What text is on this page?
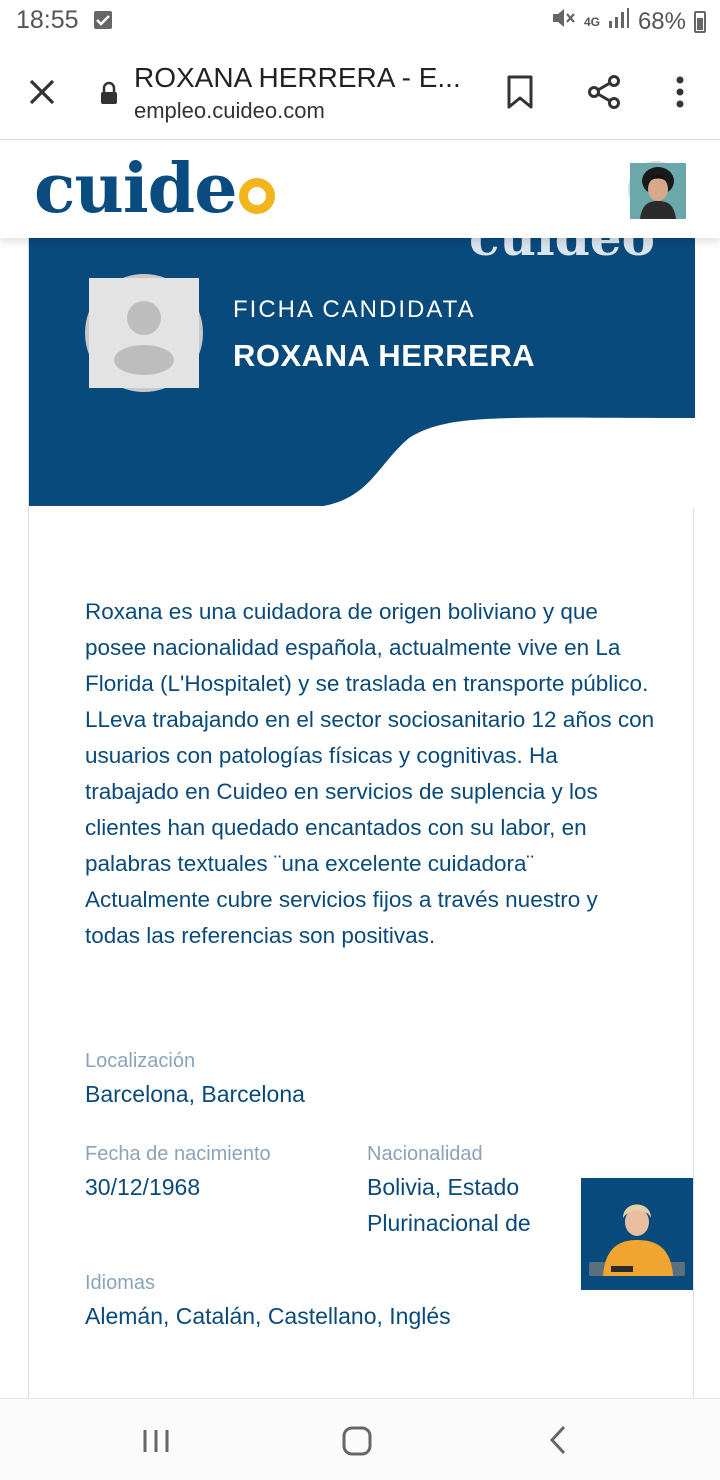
18:55	4G 68%
ROXANA HERRERA - E...
empleo.cuideo.com
cuide
FICHA CANDIDATA
ROXANA HERRERA

Roxana es una cuidadora de origen boliviano y que posee nacionalidad española, actualmente vive en La Florida (L'Hospitalet) y se traslada en transporte público. LLeva trabajando en el sector sociosanitario 12 años con usuarios con patologías físicas y cognitivas. Ha trabajado en Cuideo en servicios de suplencia y los clientes han quedado encantados con su labor, en palabras textuales ¨una excelente cuidadora¨ Actualmente cubre servicios fijos a través nuestro y todas las referencias son positivas.

Localización
Barcelona, Barcelona
Fecha de nacimiento
30/12/1968
Nacionalidad
Bolivia, Estado Plurinacional de
Idiomas
Alemán, Catalán, Castellano, Inglés
